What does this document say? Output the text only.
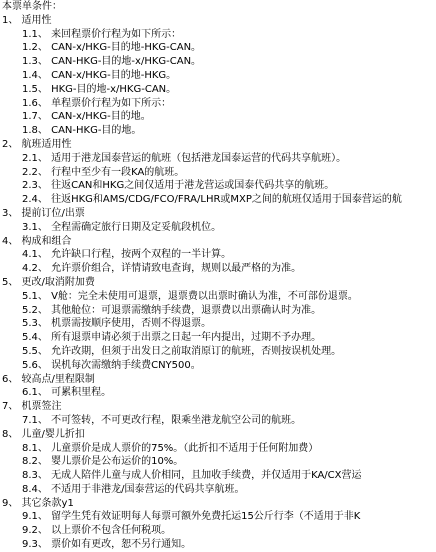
本票单条件：
1、 适用性
1.1、 来回程票价行程为如下所示：
1.2、 CAN-x/HKG-目的地-HKG-CAN。
1.3、 CAN-HKG-目的地-x/HKG-CAN。
1.4、 CAN-x/HKG-目的地-HKG。
1.5、 HKG-目的地-x/HKG-CAN。
1.6、 单程票价行程为如下所示：
1.7、 CAN-x/HKG-目的地。
1.8、 CAN-HKG-目的地。
2、 航班适用性
2.1、 适用于港龙国泰营运的航班（包括港龙国泰运营的代码共享航班）。
2.2、 行程中至少有一段KA的航班。
2.3、 往返CAN和HKG之间仅适用于港龙营运或国泰代码共享的航班。
2.4、 往返HKG和AMS/CDG/FCO/FRA/LHR或MXP之间的航班仅适用于国泰营运的航
3、 提前订位/出票
3.1、 全程需确定旅行日期及定妥航段机位。
4、 构成和组合
4.1、 允许缺口行程，按两个双程的一半计算。
4.2、 允许票价组合，详情请致电查询，规则以最严格的为准。
5、 更改/取消附加费
5.1、 V舱：完全未使用可退票，退票费以出票时确认为准，不可部份退票。
5.2、 其他舱位：可退票需缴纳手续费，退票费以出票确认时为准。
5.3、 机票需按顺序使用，否则不得退票。
5.4、 所有退票申请必须于出票之日起一年内提出，过期不予办理。
5.5、 允许改期，但须于出发日之前取消原订的航班，否则按误机处理。
5.6、 误机每次需缴纳手续费CNY500。
6、 较高点/里程限制
6.1、 可累积里程。
7、 机票签注
7.1、 不可签转，不可更改行程，限乘坐港龙航空公司的航班。
8、 儿童/婴儿折扣
8.1、 儿童票价是成人票价的75%。（此折扣不适用于任何附加费）
8.2、 婴儿票价是公布运价的10%。
8.3、 无成人陪伴儿童与成人价相同，且加收手续费，并仅适用于KA/CX营运
8.4、 不适用于非港龙/国泰营运的代码共享航班。
9、 其它条款y1
9.1、 留学生凭有效证明每人每票可额外免费托运15公斤行李（不适用于非K
9.2、 以上票价不包含任何税项。
9.3、 票价如有更改，恕不另行通知。
